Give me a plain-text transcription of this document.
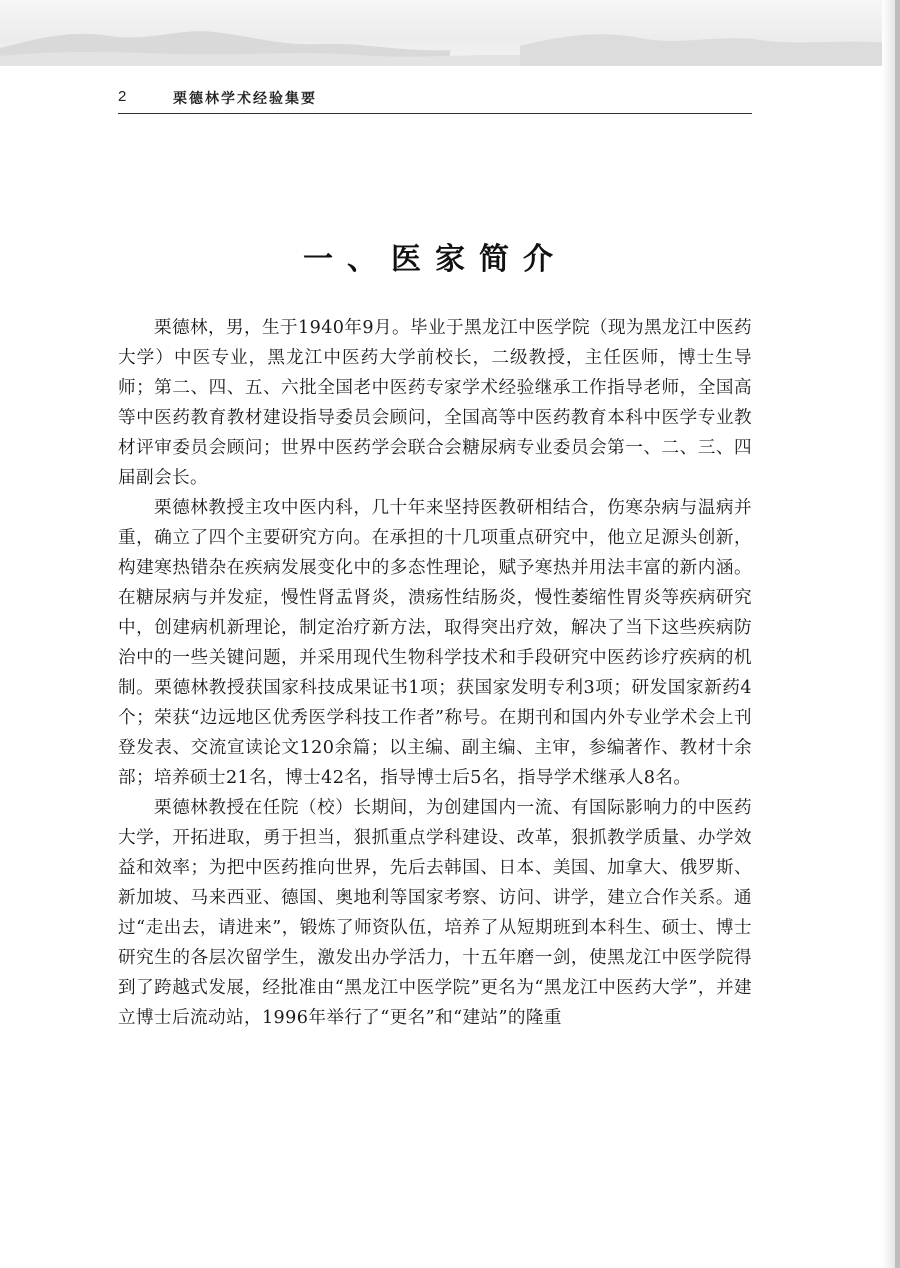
2	栗德林学术经验集要
一、医家简介

栗德林，男，生于1940年9月。毕业于黑龙江中医学院（现为黑龙江中医药大学）中医专业，黑龙江中医药大学前校长，二级教授，主任医师，博士生导师；第二、四、五、六批全国老中医药专家学术经验继承工作指导老师，全国高等中医药教育教材建设指导委员会顾问，全国高等中医药教育本科中医学专业教材评审委员会顾问；世界中医药学会联合会糖尿病专业委员会第一、二、三、四届副会长。

栗德林教授主攻中医内科，几十年来坚持医教研相结合，伤寒杂病与温病并重，确立了四个主要研究方向。在承担的十几项重点研究中，他立足源头创新，构建寒热错杂在疾病发展变化中的多态性理论，赋予寒热并用法丰富的新内涵。在糖尿病与并发症，慢性肾盂肾炎，溃疡性结肠炎，慢性萎缩性胃炎等疾病研究中，创建病机新理论，制定治疗新方法，取得突出疗效，解决了当下这些疾病防治中的一些关键问题，并采用现代生物科学技术和手段研究中医药诊疗疾病的机制。栗德林教授获国家科技成果证书1项；获国家发明专利3项；研发国家新药4个；荣获“边远地区优秀医学科技工作者”称号。在期刊和国内外专业学术会上刊登发表、交流宣读论文120余篇；以主编、副主编、主审，参编著作、教材十余部；培养硕士21名，博士42名，指导博士后5名，指导学术继承人8名。

栗德林教授在任院（校）长期间，为创建国内一流、有国际影响力的中医药大学，开拓进取，勇于担当，狠抓重点学科建设、改革，狠抓教学质量、办学效益和效率；为把中医药推向世界，先后去韩国、日本、美国、加拿大、俄罗斯、新加坡、马来西亚、德国、奥地利等国家考察、访问、讲学，建立合作关系。通过“走出去，请进来”，锻炼了师资队伍，培养了从短期班到本科生、硕士、博士研究生的各层次留学生，激发出办学活力，十五年磨一剑，使黑龙江中医学院得到了跨越式发展，经批准由“黑龙江中医学院”更名为“黑龙江中医药大学”，并建立博士后流动站，1996年举行了“更名”和“建站”的隆重
